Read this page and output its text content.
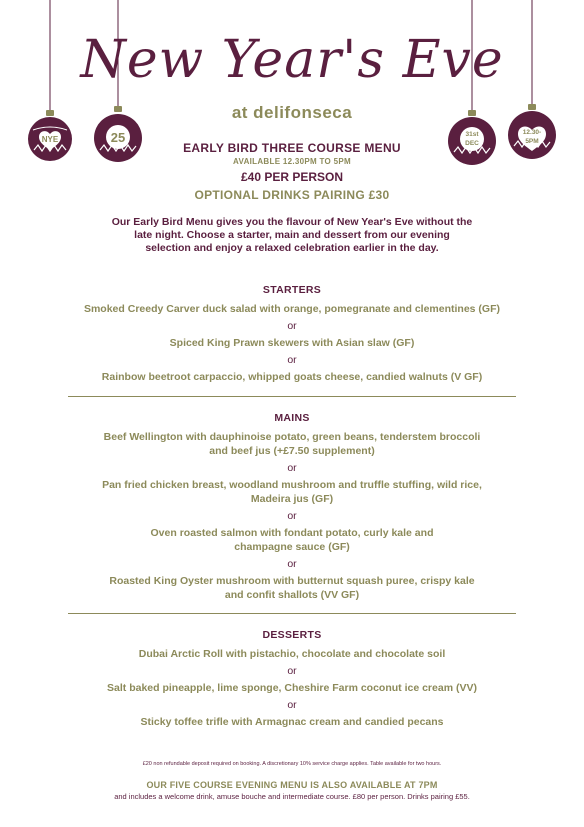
NYE	25	31st
DEC
12.30-
5PM
New Year's Eve
at delifonseca
EARLY BIRD THREE COURSE MENU
AVAILABLE 12.30PM TO 5PM
£40 PER PERSON
OPTIONAL DRINKS PAIRING £30
Our Early Bird Menu gives you the flavour of New Year's Eve without the late night. Choose a starter, main and dessert from our evening selection and enjoy a relaxed celebration earlier in the day.

STARTERS

Smoked Creedy Carver duck salad with orange, pomegranate and clementines (GF)

or

Spiced King Prawn skewers with Asian slaw (GF)

or

Rainbow beetroot carpaccio, whipped goats cheese, candied walnuts (V GF)

MAINS

Beef Wellington with dauphinoise potato, green beans, tenderstem broccoli

and beef jus (+£7.50 supplement)

or

Pan fried chicken breast, woodland mushroom and truffle stuffing, wild rice,

Madeira jus (GF)

or

Oven roasted salmon with fondant potato, curly kale and

champagne sauce (GF)

or

Roasted King Oyster mushroom with butternut squash puree, crispy kale

and confit shallots (VV GF)

DESSERTS

Dubai Arctic Roll with pistachio, chocolate and chocolate soil

or

Salt baked pineapple, lime sponge, Cheshire Farm coconut ice cream (VV)

or

Sticky toffee trifle with Armagnac cream and candied pecans

£20 non refundable deposit required on booking. A discretionary 10% service charge applies. Table available for two hours.
OUR FIVE COURSE EVENING MENU IS ALSO AVAILABLE AT 7PM
and includes a welcome drink, amuse bouche and intermediate course. £80 per person. Drinks pairing £55.
